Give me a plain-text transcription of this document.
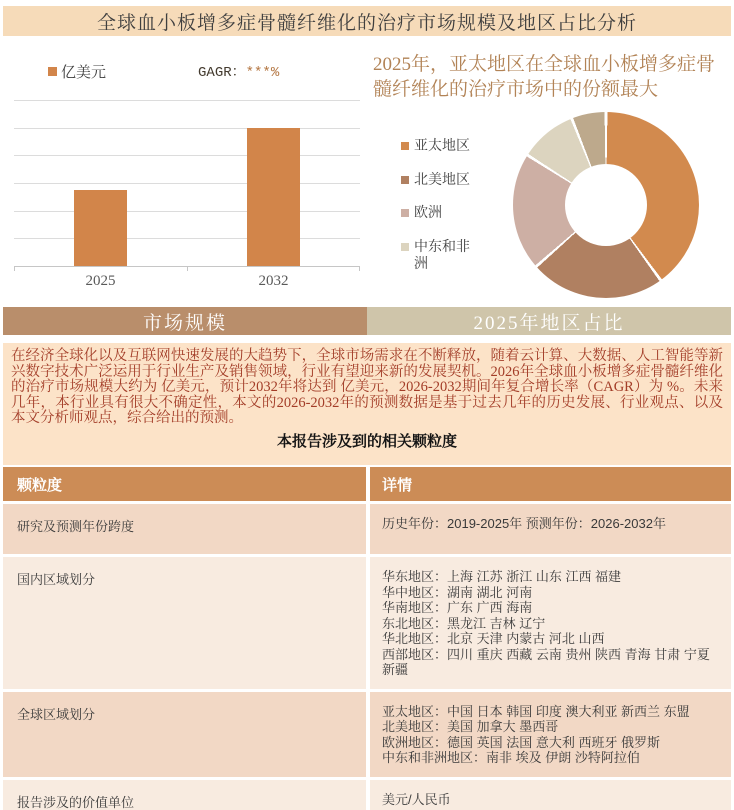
全球血小板增多症骨髓纤维化的治疗市场规模及地区占比分析
亿美元	GAGR：***%
2025	2032
2025年，亚太地区在全球血小板增多症骨髓纤维化的治疗市场中的份额最大
亚太地区
北美地区
欧洲
中东和非洲
市场规模	2025年地区占比

在经济全球化以及互联网快速发展的大趋势下，全球市场需求在不断释放，随着云计算、大数据、人工智能等新兴数字技术广泛运用于行业生产及销售领域，行业有望迎来新的发展契机。2026年全球血小板增多症骨髓纤维化的治疗市场规模大约为 亿美元，预计2032年将达到 亿美元，2026-2032期间年复合增长率（CAGR）为 %。未来几年，本行业具有很大不确定性，本文的2026-2032年的预测数据是基于过去几年的历史发展、行业观点、以及本文分析师观点，综合给出的预测。

本报告涉及到的相关颗粒度
颗粒度	详情
研究及预测年份跨度	历史年份：2019-2025年 预测年份：2026-2032年
国内区域划分	华东地区：上海 江苏 浙江 山东 江西 福建
华中地区：湖南 湖北 河南
华南地区：广东 广西 海南
东北地区：黑龙江 吉林 辽宁
华北地区：北京 天津 内蒙古 河北 山西
西部地区：四川 重庆 西藏 云南 贵州 陕西 青海 甘肃 宁夏 新疆
全球区域划分	亚太地区：中国 日本 韩国 印度 澳大利亚 新西兰 东盟
北美地区：美国 加拿大 墨西哥
欧洲地区：德国 英国 法国 意大利 西班牙 俄罗斯
中东和非洲地区：南非 埃及 伊朗 沙特阿拉伯
报告涉及的价值单位	美元/人民币
